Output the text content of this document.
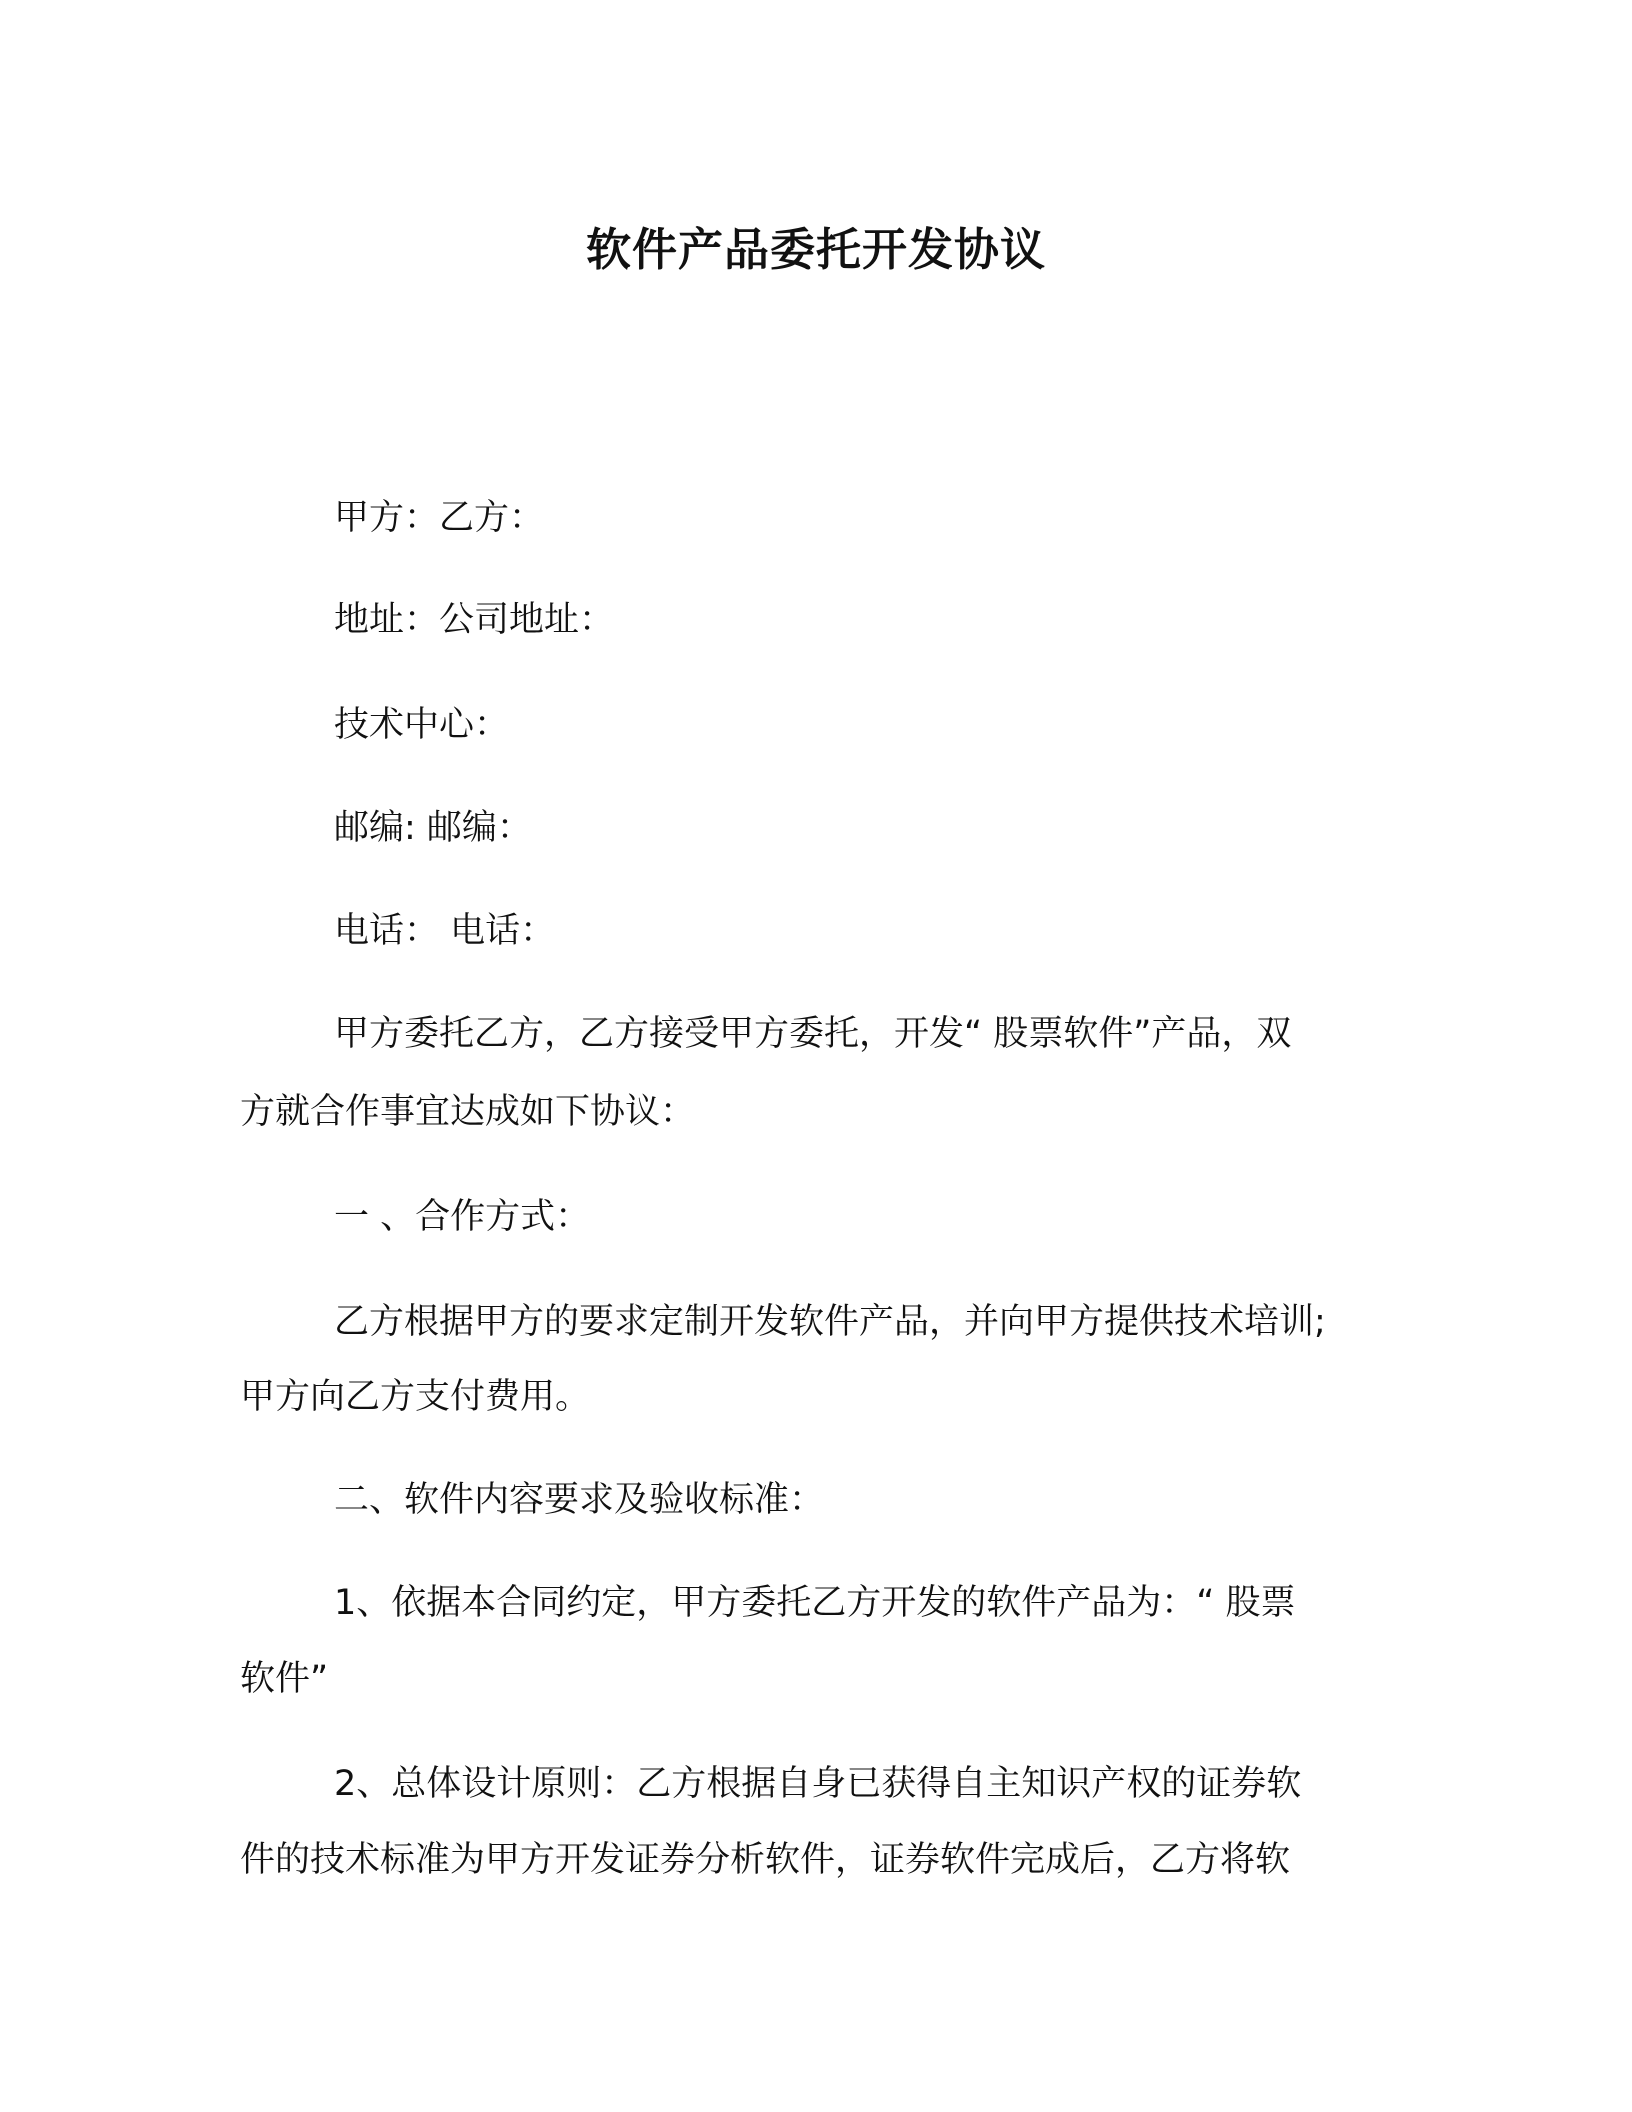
软件产品委托开发协议

甲方：乙方：

地址：公司地址：

技术中心：

邮编: 邮编：

电话： 电话：

甲方委托乙方，乙方接受甲方委托，开发“ 股票软件”产品，双

方就合作事宜达成如下协议：

一 、合作方式：

乙方根据甲方的要求定制开发软件产品，并向甲方提供技术培训;

甲方向乙方支付费用。

二、软件内容要求及验收标准：

1、依据本合同约定，甲方委托乙方开发的软件产品为：“ 股票

软件”

2、总体设计原则：乙方根据自身已获得自主知识产权的证券软

件的技术标准为甲方开发证券分析软件，证券软件完成后，乙方将软
